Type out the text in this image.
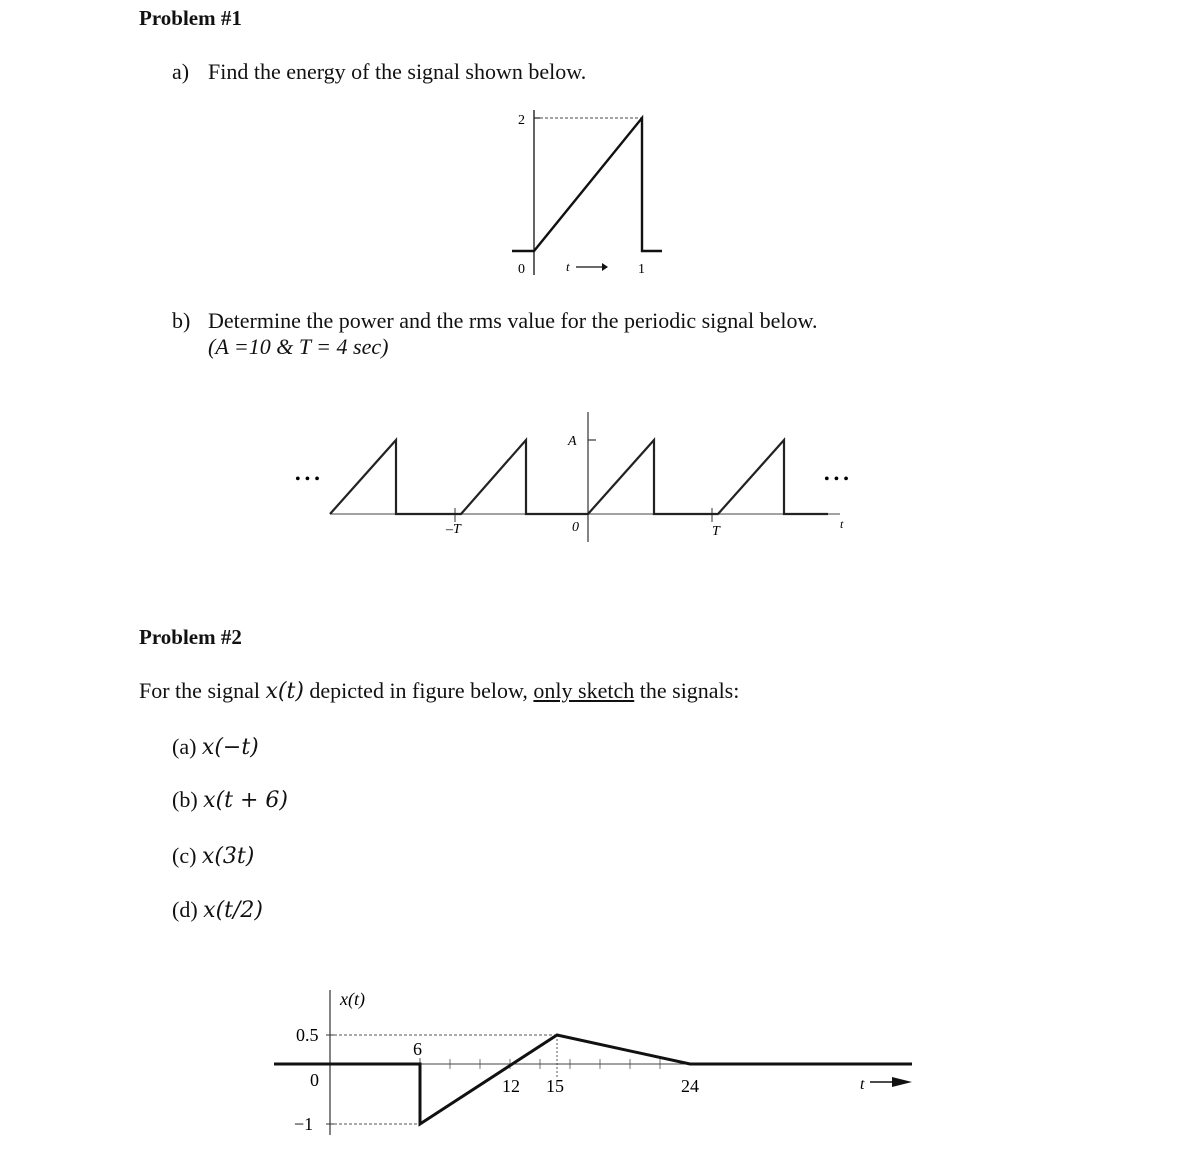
Problem #1
a) Find the energy of the signal shown below.
2
0	t	1
b) Determine the power and the rms value for the periodic signal below.
(A =10 & T = 4 sec)
A
–T	0	T	t
• • •	• • •
Problem #2
For the signal x(t) depicted in figure below, only sketch the signals:
(a) x(−t)
(b) x(t + 6)
(c) x(3t)
(d) x(t/2)
x(t)
0.5
0
−1
6
12 15	24	t
